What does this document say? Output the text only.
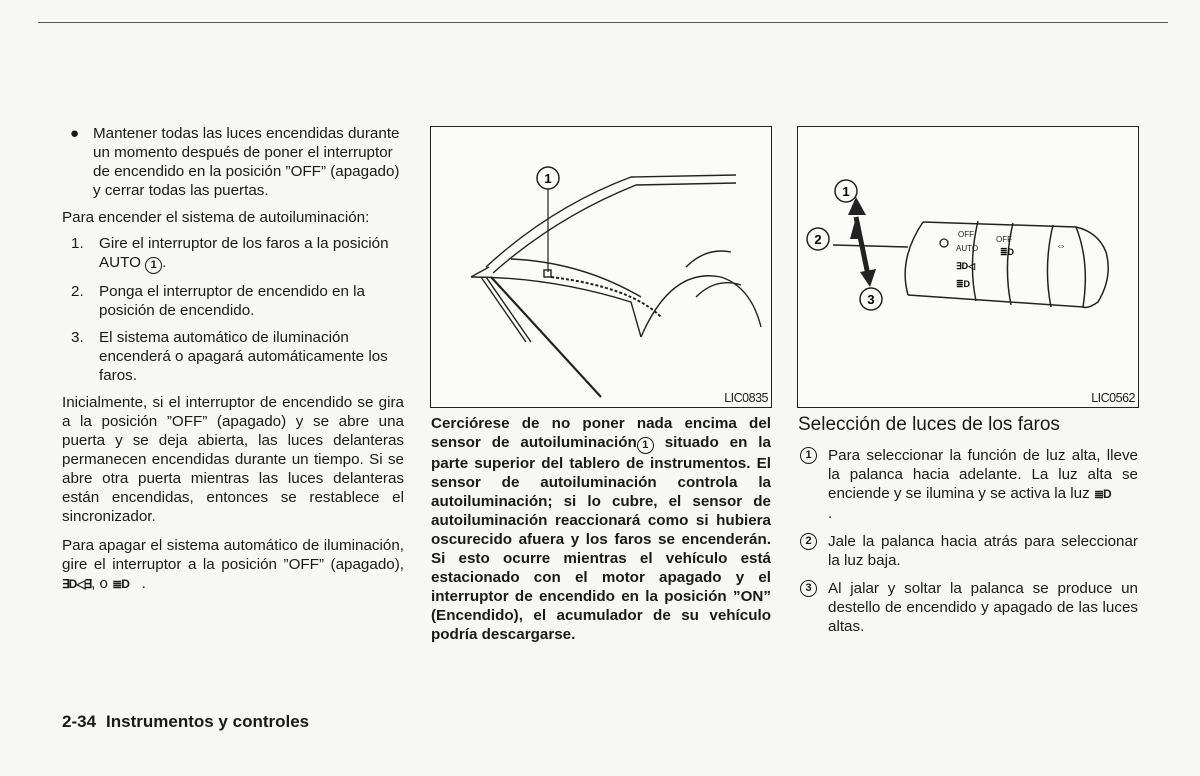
● Mantener todas las luces encendidas durante un momento después de poner el interruptor de encendido en la posición ”OFF” (apagado) y cerrar todas las puertas.

Para encender el sistema de autoiluminación:

1. Gire el interruptor de los faros a la posición AUTO 1 .
2. Ponga el interruptor de encendido en la posición de encendido.
3. El sistema automático de iluminación encenderá o apagará automáticamente los faros.

Inicialmente, si el interruptor de encendido se gira a la posición ”OFF” (apagado) y se abre una puerta y se deja abierta, las luces delanteras permanecen encendidas durante un tiempo. Si se abre otra puerta mientras las luces delanteras están encendidas, entonces se restablece el sincronizador.

Para apagar el sistema automático de iluminación, gire el interruptor a la posición ”OFF” (apagado), ∃D◁∃, o ≣D .

1
LIC0835
OFF AUTO OFF
∃D◁
≣D
≣D	⇔
1
2
3
LIC0562

Cerciórese de no poner nada encima del sensor de autoiluminación 1 situado en la parte superior del tablero de instrumentos. El sensor de autoiluminación controla la autoiluminación; si lo cubre, el sensor de autoiluminación reaccionará como si hubiera oscurecido afuera y los faros se encenderán. Si esto ocurre mientras el vehículo está estacionado con el motor apagado y el interruptor de encendido en la posición ”ON” (Encendido), el acumulador de su vehículo podría descargarse.

Selección de luces de los faros
1	Para seleccionar la función de luz alta, lleve la palanca hacia adelante. La luz alta se enciende y se ilumina y se activa la luz ≣D
.
2	Jale la palanca hacia atrás para seleccionar la luz baja.
3	Al jalar y soltar la palanca se produce un destello de encendido y apagado de las luces altas.
2-34 Instrumentos y controles
